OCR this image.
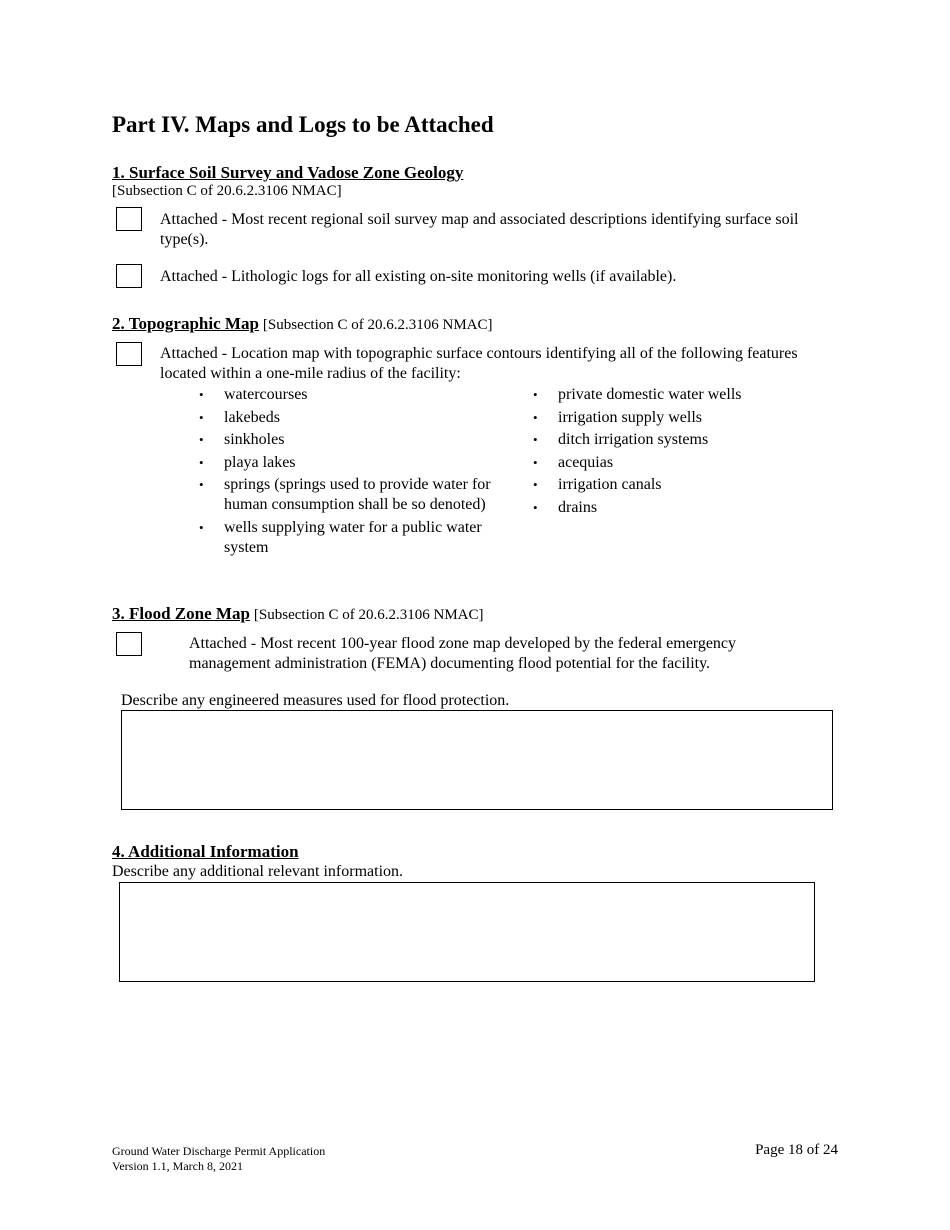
Part IV. Maps and Logs to be Attached
1. Surface Soil Survey and Vadose Zone Geology
[Subsection C of 20.6.2.3106 NMAC]
Attached - Most recent regional soil survey map and associated descriptions identifying surface soil type(s).
Attached - Lithologic logs for all existing on-site monitoring wells (if available).
2. Topographic Map [Subsection C of 20.6.2.3106 NMAC]
Attached - Location map with topographic surface contours identifying all of the following features located within a one-mile radius of the facility:
• watercourses
• lakebeds
• sinkholes
• playa lakes
• springs (springs used to provide water for human consumption shall be so denoted)
• wells supplying water for a public water system
• private domestic water wells
• irrigation supply wells
• ditch irrigation systems
• acequias
• irrigation canals
• drains
3. Flood Zone Map [Subsection C of 20.6.2.3106 NMAC]
Attached - Most recent 100-year flood zone map developed by the federal emergency management administration (FEMA) documenting flood potential for the facility.
Describe any engineered measures used for flood protection.
4. Additional Information
Describe any additional relevant information.
Ground Water Discharge Permit Application
Version 1.1, March 8, 2021
Page 18 of 24
